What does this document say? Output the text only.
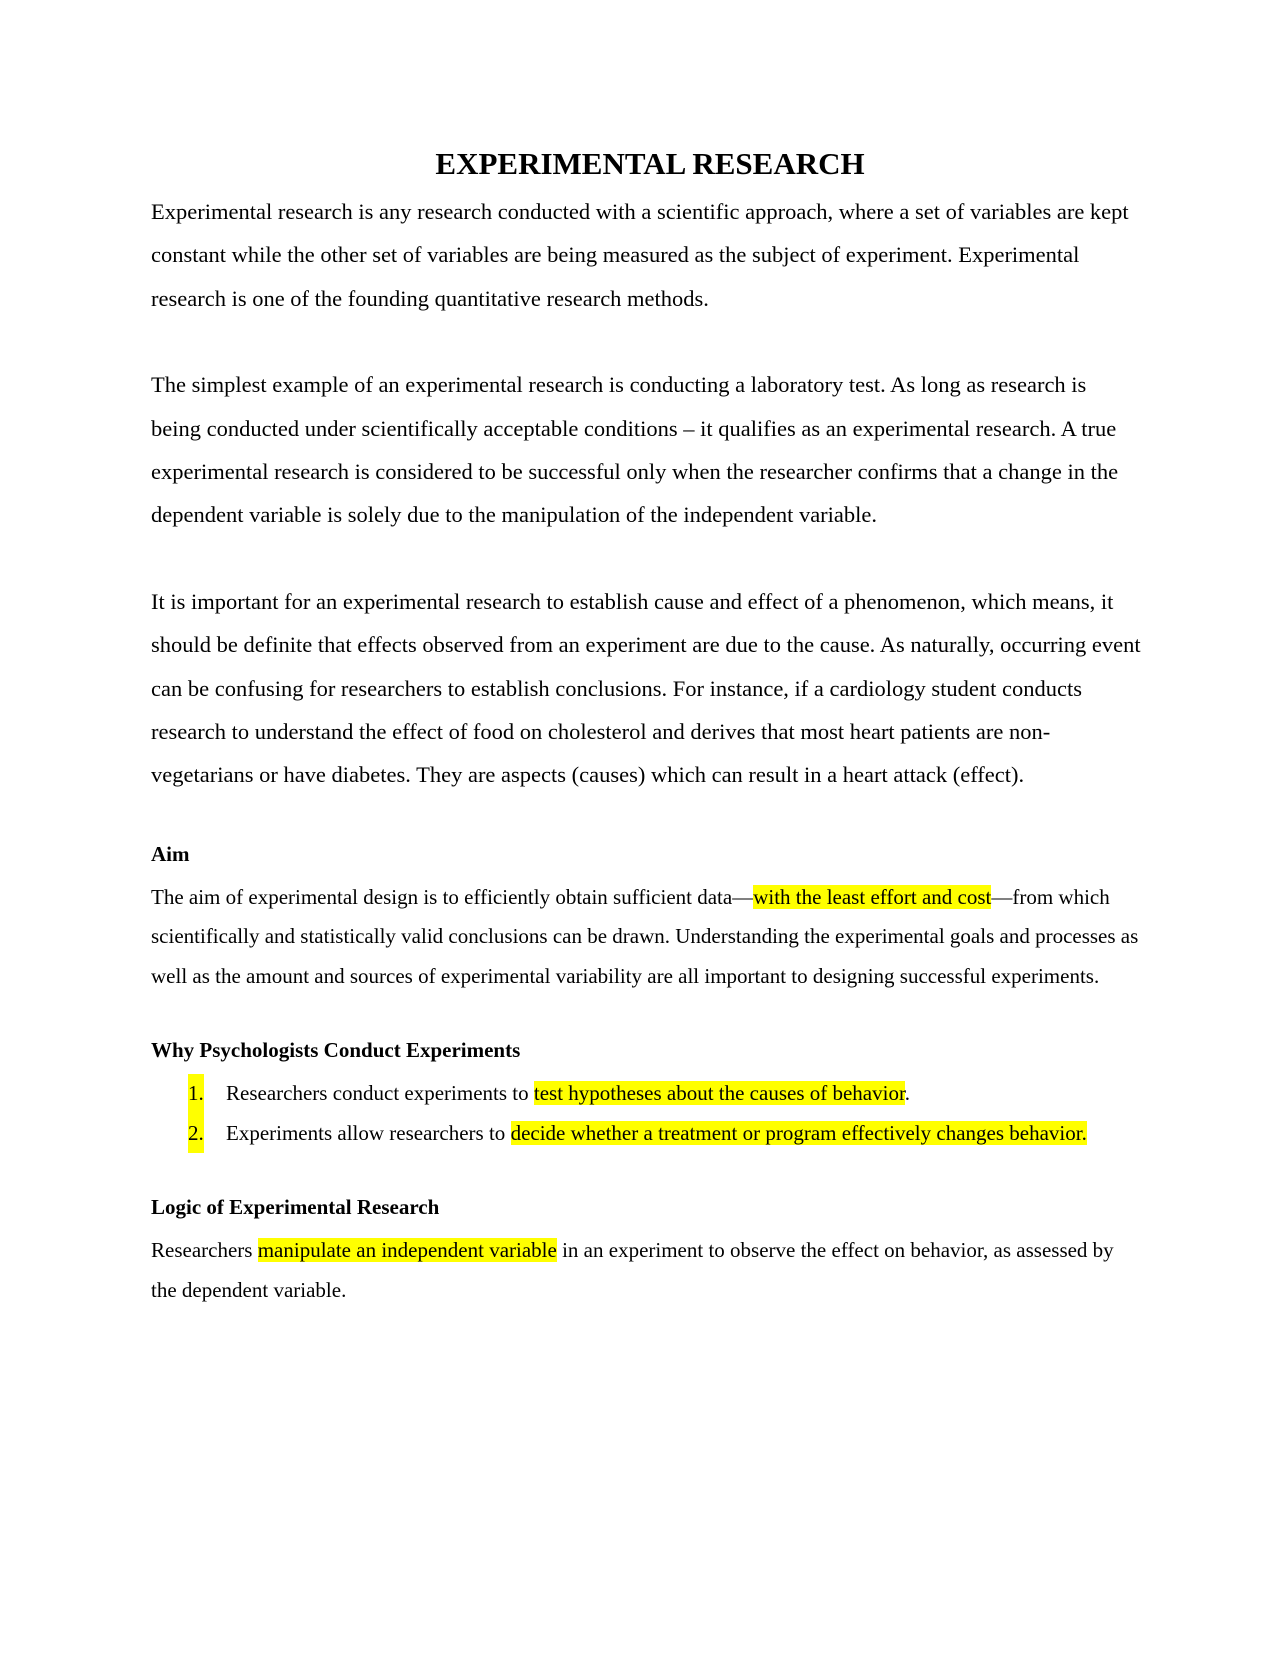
EXPERIMENTAL RESEARCH

Experimental research is any research conducted with a scientific approach, where a set of variables are kept constant while the other set of variables are being measured as the subject of experiment. Experimental research is one of the founding quantitative research methods.

The simplest example of an experimental research is conducting a laboratory test. As long as research is being conducted under scientifically acceptable conditions – it qualifies as an experimental research. A true experimental research is considered to be successful only when the researcher confirms that a change in the dependent variable is solely due to the manipulation of the independent variable.

It is important for an experimental research to establish cause and effect of a phenomenon, which means, it should be definite that effects observed from an experiment are due to the cause. As naturally, occurring event can be confusing for researchers to establish conclusions. For instance, if a cardiology student conducts research to understand the effect of food on cholesterol and derives that most heart patients are non-vegetarians or have diabetes. They are aspects (causes) which can result in a heart attack (effect).

Aim

The aim of experimental design is to efficiently obtain sufficient data—with the least effort and cost—from which scientifically and statistically valid conclusions can be drawn. Understanding the experimental goals and processes as well as the amount and sources of experimental variability are all important to designing successful experiments.

Why Psychologists Conduct Experiments
1. Researchers conduct experiments to test hypotheses about the causes of behavior.
2. Experiments allow researchers to decide whether a treatment or program effectively changes behavior.
Logic of Experimental Research

Researchers manipulate an independent variable in an experiment to observe the effect on behavior, as assessed by the dependent variable.
